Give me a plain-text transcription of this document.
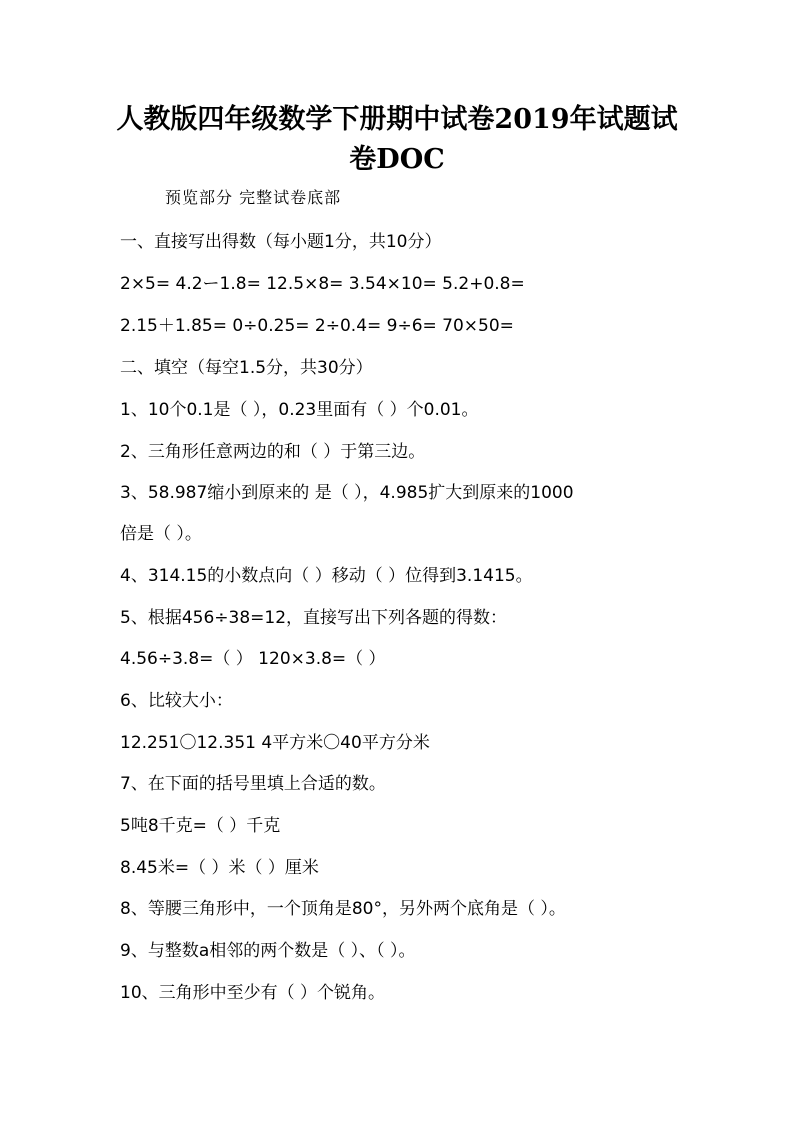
人教版四年级数学下册期中试卷2019年试题试
卷DOC
预览部分 完整试卷底部
一、直接写出得数（每小题1分，共10分）
2×5= 4.2ー1.8= 12.5×8= 3.54×10= 5.2+0.8=
2.15＋1.85= 0÷0.25= 2÷0.4= 9÷6= 70×50=
二、填空（每空1.5分，共30分）
1、10个0.1是（ ），0.23里面有（ ）个0.01。
2、三角形任意两边的和（ ）于第三边。
3、58.987缩小到原来的 是（ ），4.985扩大到原来的1000
倍是（ ）。
4、314.15的小数点向（ ）移动（ ）位得到3.1415。
5、根据456÷38=12，直接写出下列各题的得数：
4.56÷3.8=（ ） 120×3.8=（ ）
6、比较大小：
12.251〇12.351 4平方米〇40平方分米
7、在下面的括号里填上合适的数。
5吨8千克=（ ）千克
8.45米=（ ）米（ ）厘米
8、等腰三角形中，一个顶角是80°，另外两个底角是（ ）。
9、与整数a相邻的两个数是（ ）、（ ）。
10、三角形中至少有（ ）个锐角。
